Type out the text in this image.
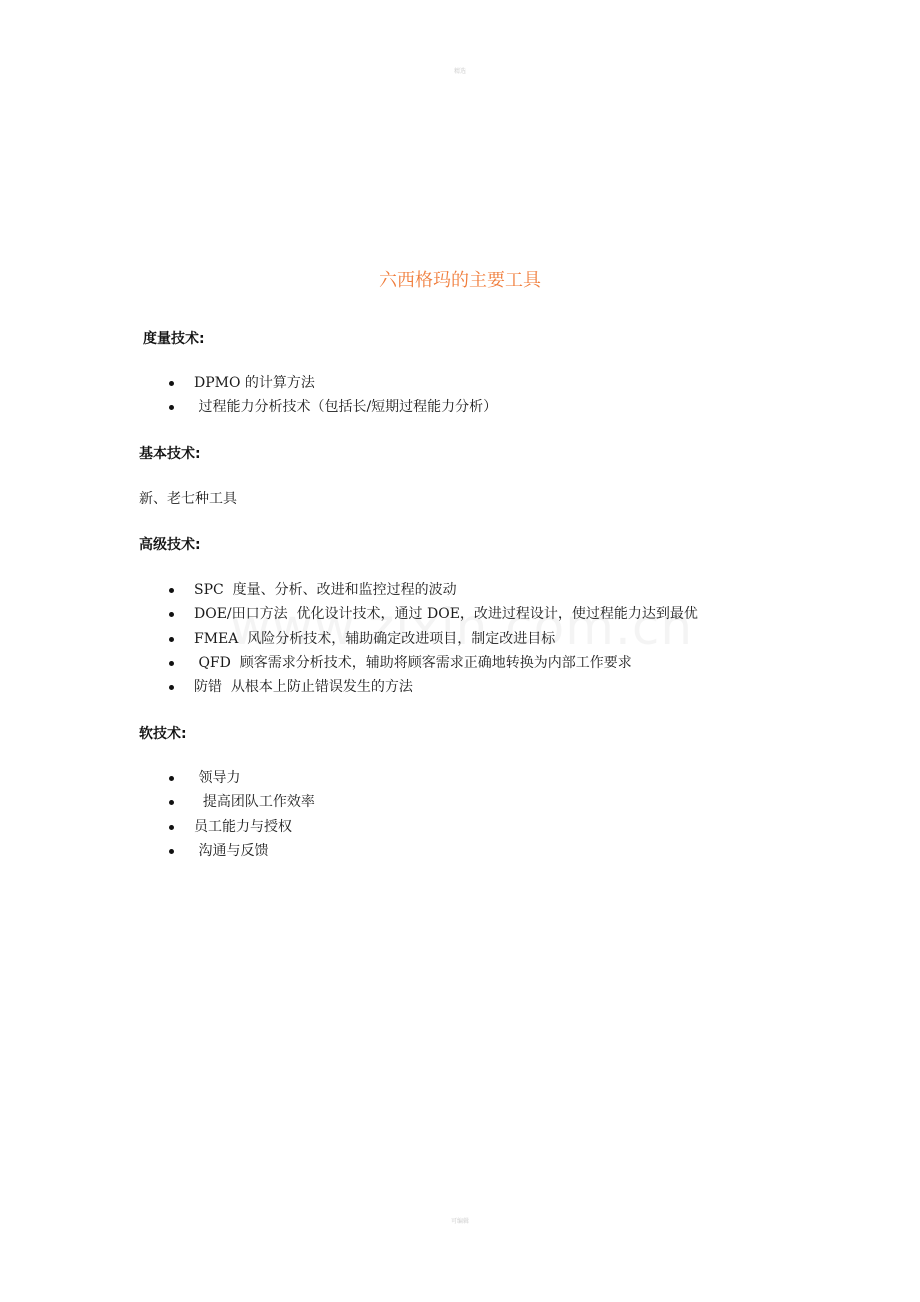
精选
六西格玛的主要工具
度量技术:
DPMO 的计算方法
过程能力分析技术（包括长/短期过程能力分析）
基本技术:
新、老七种工具
高级技术:
SPC  度量、分析、改进和监控过程的波动
DOE/田口方法  优化设计技术，通过 DOE，改进过程设计，使过程能力达到最优
FMEA  风险分析技术，辅助确定改进项目，制定改进目标
QFD  顾客需求分析技术，辅助将顾客需求正确地转换为内部工作要求
防错  从根本上防止错误发生的方法
软技术:
领导力
提高团队工作效率
员工能力与授权
沟通与反馈
可编辑
